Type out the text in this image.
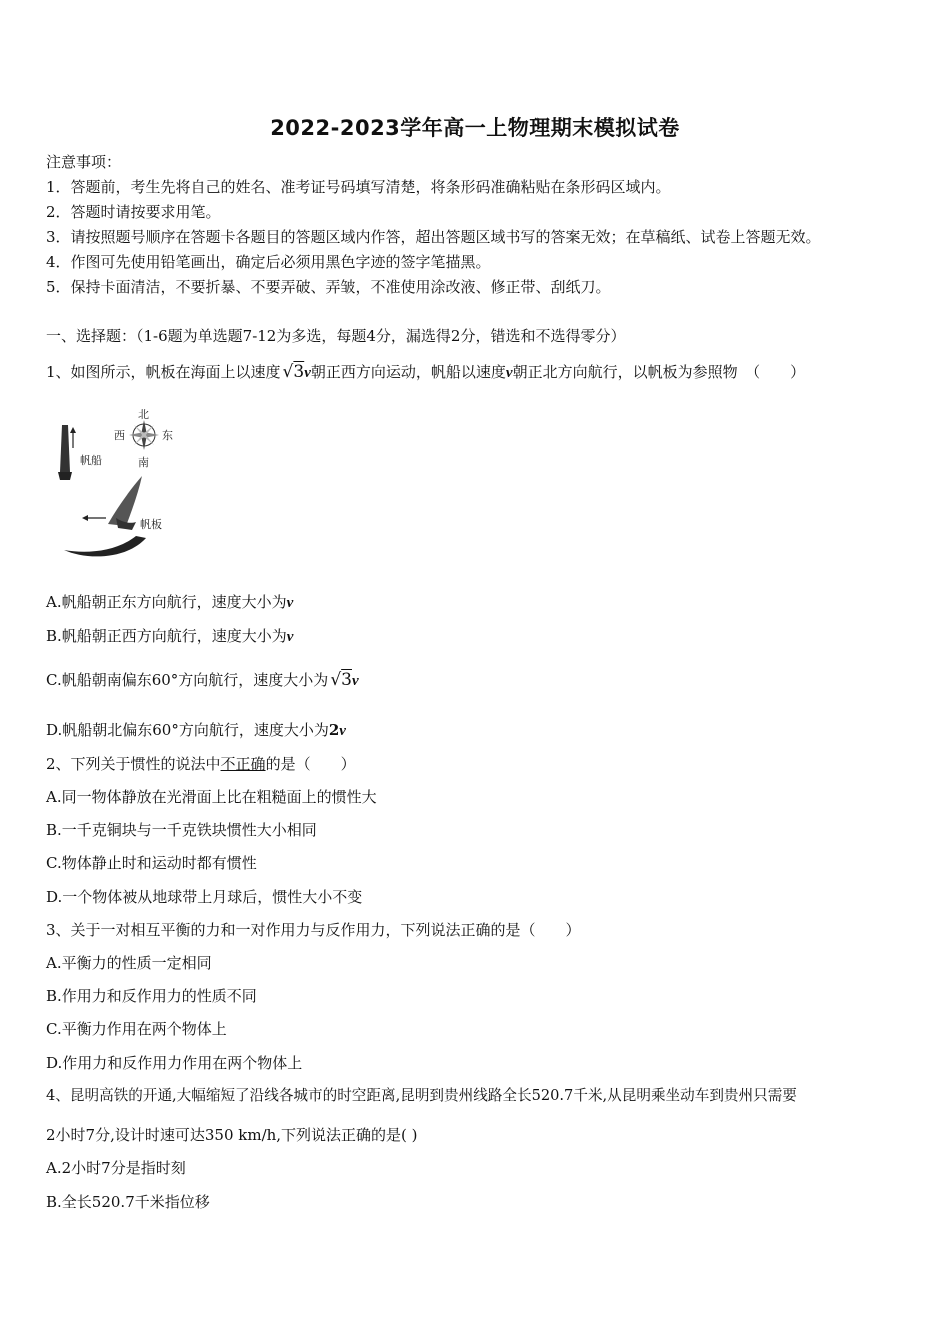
2022-2023学年高一上物理期末模拟试卷
注意事项：
1．答题前，考生先将自己的姓名、准考证号码填写清楚，将条形码准确粘贴在条形码区域内。
2．答题时请按要求用笔。
3．请按照题号顺序在答题卡各题目的答题区域内作答，超出答题区域书写的答案无效；在草稿纸、试卷上答题无效。
4．作图可先使用铅笔画出，确定后必须用黑色字迹的签字笔描黑。
5．保持卡面清洁，不要折暴、不要弄破、弄皱，不准使用涂改液、修正带、刮纸刀。
一、选择题：（1-6题为单选题7-12为多选，每题4分，漏选得2分，错选和不选得零分）
1、如图所示，帆板在海面上以速度 √3v朝正西方向运动，帆船以速度v朝正北方向航行，以帆板为参照物　（　　）
北
南
西	东
帆船
帆板
A.帆船朝正东方向航行，速度大小为v
B.帆船朝正西方向航行，速度大小为v
C.帆船朝南偏东60°方向航行，速度大小为 √3v
D.帆船朝北偏东60°方向航行，速度大小为2v
2、下列关于惯性的说法中不正确的是（　　）
A.同一物体静放在光滑面上比在粗糙面上的惯性大
B.一千克铜块与一千克铁块惯性大小相同
C.物体静止时和运动时都有惯性
D.一个物体被从地球带上月球后，惯性大小不变
3、关于一对相互平衡的力和一对作用力与反作用力，下列说法正确的是（　　）
A.平衡力的性质一定相同
B.作用力和反作用力的性质不同
C.平衡力作用在两个物体上
D.作用力和反作用力作用在两个物体上
4、昆明高铁的开通,大幅缩短了沿线各城市的时空距离,昆明到贵州线路全长520.7千米,从昆明乘坐动车到贵州只需要
2小时7分,设计时速可达350 km/h,下列说法正确的是( )
A.2小时7分是指时刻
B.全长520.7千米指位移
